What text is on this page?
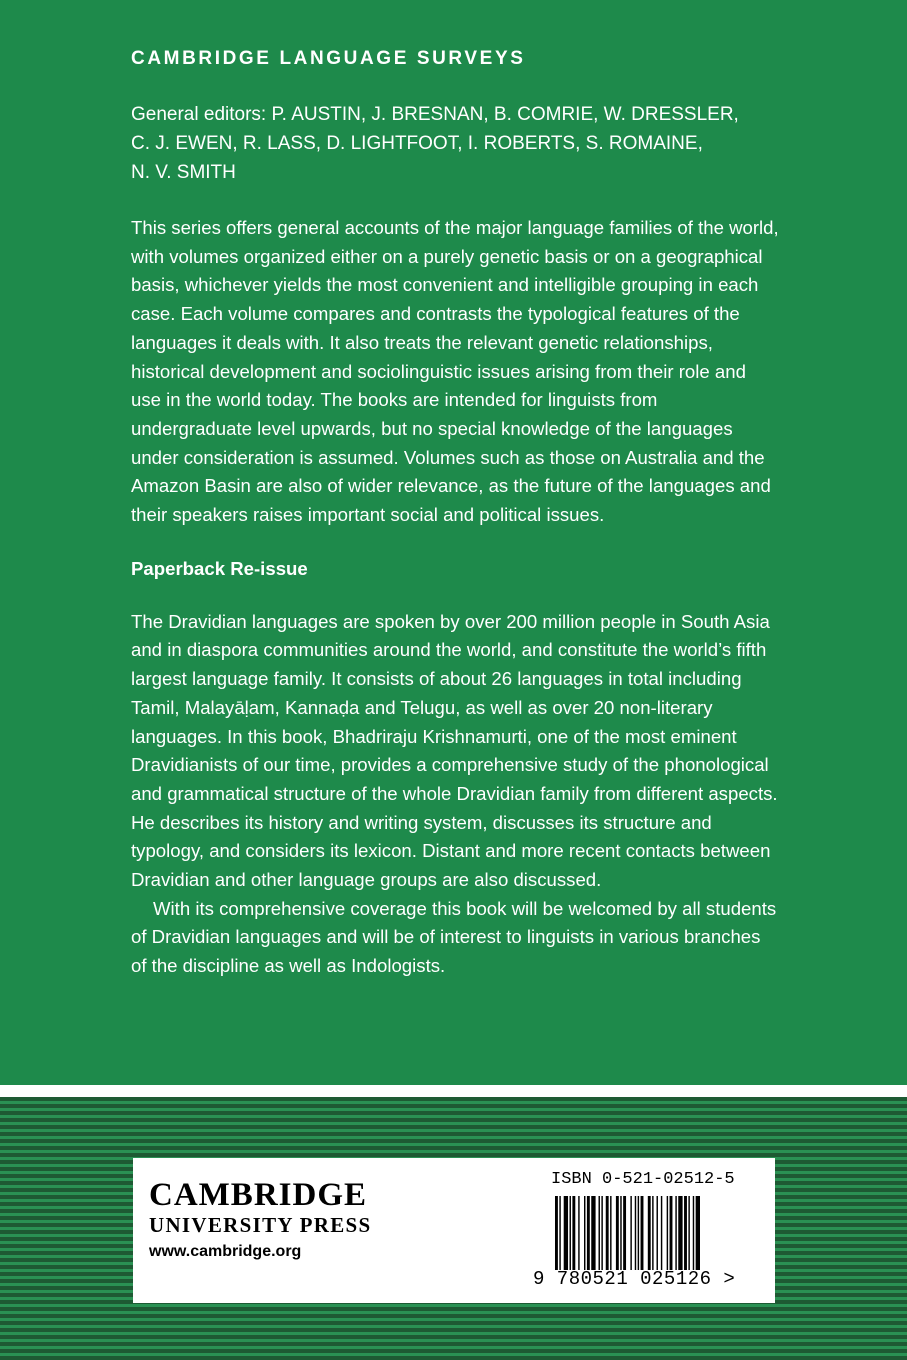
CAMBRIDGE LANGUAGE SURVEYS
General editors: P. AUSTIN, J. BRESNAN, B. COMRIE, W. DRESSLER,
C. J. EWEN, R. LASS, D. LIGHTFOOT, I. ROBERTS, S. ROMAINE,
N. V. SMITH

This series offers general accounts of the major language families of the world, with volumes organized either on a purely genetic basis or on a geographical basis, whichever yields the most convenient and intelligible grouping in each case. Each volume compares and contrasts the typological features of the languages it deals with. It also treats the relevant genetic relationships, historical development and sociolinguistic issues arising from their role and use in the world today. The books are intended for linguists from undergraduate level upwards, but no special knowledge of the languages under consideration is assumed. Volumes such as those on Australia and the Amazon Basin are also of wider relevance, as the future of the languages and their speakers raises important social and political issues.

Paperback Re-issue

The Dravidian languages are spoken by over 200 million people in South Asia and in diaspora communities around the world, and constitute the world’s fifth largest language family. It consists of about 26 languages in total including Tamil, Malayāḷam, Kannaḍa and Telugu, as well as over 20 non-literary languages. In this book, Bhadriraju Krishnamurti, one of the most eminent Dravidianists of our time, provides a comprehensive study of the phonological and grammatical structure of the whole Dravidian family from different aspects. He describes its history and writing system, discusses its structure and typology, and considers its lexicon. Distant and more recent contacts between Dravidian and other language groups are also discussed.

With its comprehensive coverage this book will be welcomed by all students of Dravidian languages and will be of interest to linguists in various branches of the discipline as well as Indologists.

CAMBRIDGE
UNIVERSITY PRESS
www.cambridge.org
ISBN 0-521-02512-5
9 780521 025126 >
